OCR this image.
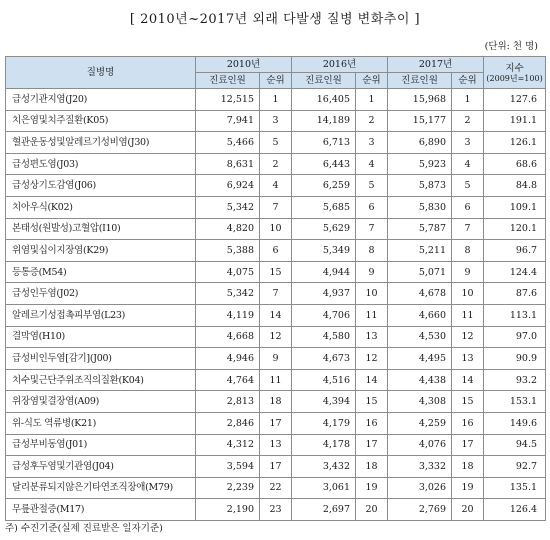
[ 2010년~2017년 외래 다발생 질병 변화추이 ]
(단위: 천 명)
질병명	2010년		2016년		2017년		지수
(2009년=100)

	진료인원	순위	진료인원	순위	진료인원	순위	
급성기관지염(J20)	12,515	1	16,405	1	15,968	1	127.6
치은염및치주질환(K05)	7,941	3	14,189	2	15,177	2	191.1
혈관운동성및알레르기성비염(J30)	5,466	5	6,713	3	6,890	3	126.1
급성편도염(J03)	8,631	2	6,443	4	5,923	4	68.6
급성상기도감염(J06)	6,924	4	6,259	5	5,873	5	84.8
치아우식(K02)	5,342	7	5,685	6	5,830	6	109.1
본태성(원발성)고혈압(I10)	4,820	10	5,629	7	5,787	7	120.1
위염및십이지장염(K29)	5,388	6	5,349	8	5,211	8	96.7
등통증(M54)	4,075	15	4,944	9	5,071	9	124.4
급성인두염(J02)	5,342	7	4,937	10	4,678	10	87.6
알레르기성접촉피부염(L23)	4,119	14	4,706	11	4,660	11	113.1
결막염(H10)	4,668	12	4,580	13	4,530	12	97.0
급성비인두염[감기](J00)	4,946	9	4,673	12	4,495	13	90.9
치수및근단주위조직의질환(K04)	4,764	11	4,516	14	4,438	14	93.2
위장염및결장염(A09)	2,813	18	4,394	15	4,308	15	153.1
위-식도 역류병(K21)	2,846	17	4,179	16	4,259	16	149.6
급성부비동염(J01)	4,312	13	4,178	17	4,076	17	94.5
급성후두염및기관염(J04)	3,594	17	3,432	18	3,332	18	92.7
달리분류되지않은기타연조직장애(M79)	2,239	22	3,061	19	3,026	19	135.1
무릎관절증(M17)	2,190	23	2,697	20	2,769	20	126.4
주) 수진기준(실제 진료받은 일자기준)
